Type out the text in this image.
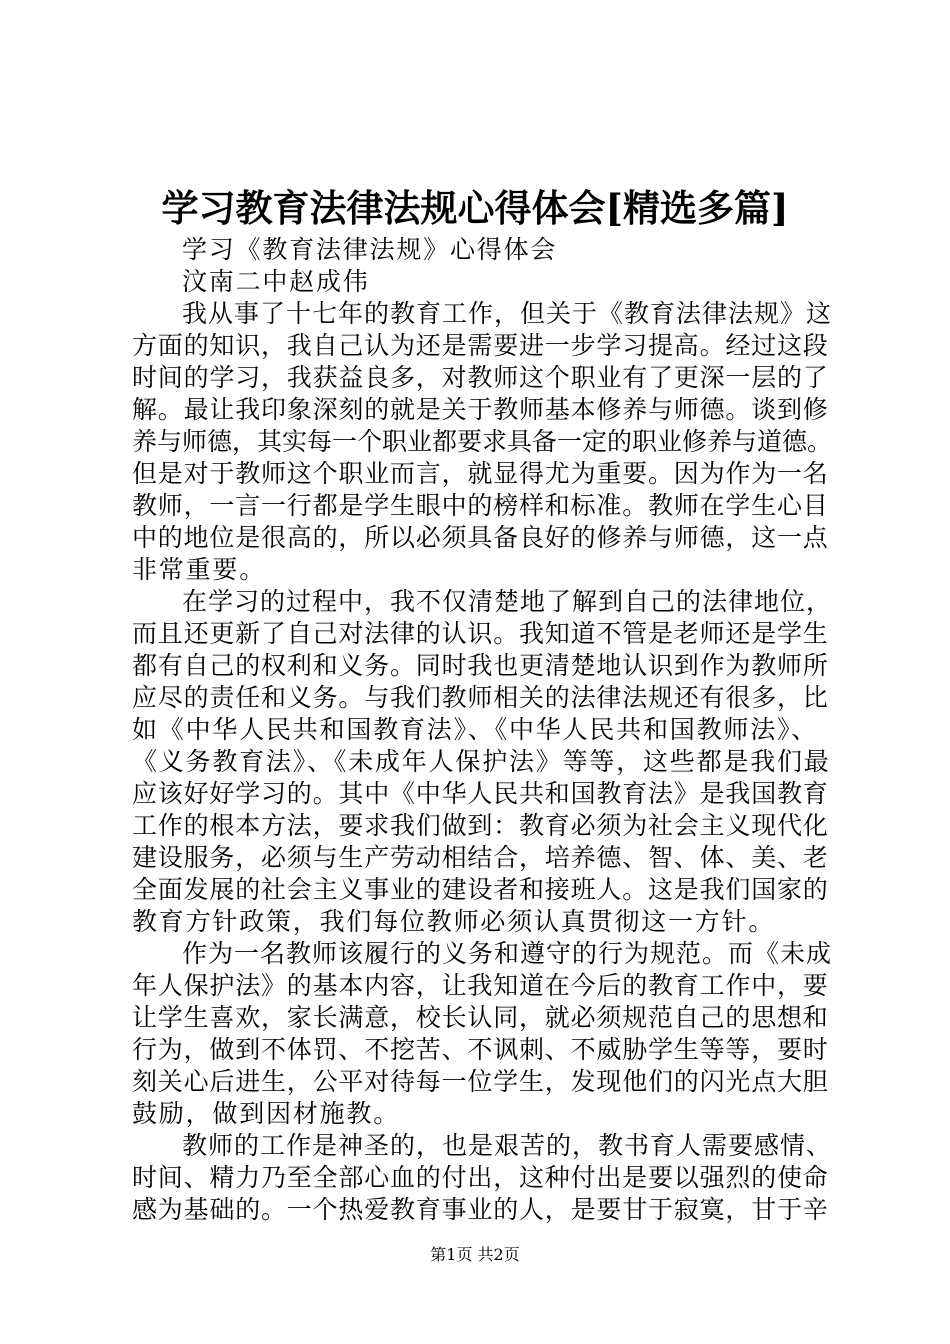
学习教育法律法规心得体会[精选多篇]
学习《教育法律法规》心得体会
汶南二中赵成伟
我从事了十七年的教育工作，但关于《教育法律法规》这
方面的知识，我自己认为还是需要进一步学习提高。经过这段
时间的学习，我获益良多，对教师这个职业有了更深一层的了
解。最让我印象深刻的就是关于教师基本修养与师德。谈到修
养与师德，其实每一个职业都要求具备一定的职业修养与道德。
但是对于教师这个职业而言，就显得尤为重要。因为作为一名
教师，一言一行都是学生眼中的榜样和标准。教师在学生心目
中的地位是很高的，所以必须具备良好的修养与师德，这一点
非常重要。
在学习的过程中，我不仅清楚地了解到自己的法律地位，
而且还更新了自己对法律的认识。我知道不管是老师还是学生
都有自己的权利和义务。同时我也更清楚地认识到作为教师所
应尽的责任和义务。与我们教师相关的法律法规还有很多，比
如《中华人民共和国教育法》、《中华人民共和国教师法》、
《义务教育法》、《未成年人保护法》等等，这些都是我们最
应该好好学习的。其中《中华人民共和国教育法》是我国教育
工作的根本方法，要求我们做到：教育必须为社会主义现代化
建设服务，必须与生产劳动相结合，培养德、智、体、美、老
全面发展的社会主义事业的建设者和接班人。这是我们国家的
教育方针政策，我们每位教师必须认真贯彻这一方针。
作为一名教师该履行的义务和遵守的行为规范。而《未成
年人保护法》的基本内容，让我知道在今后的教育工作中，要
让学生喜欢，家长满意，校长认同，就必须规范自己的思想和
行为，做到不体罚、不挖苦、不讽刺、不威胁学生等等，要时
刻关心后进生，公平对待每一位学生，发现他们的闪光点大胆
鼓励，做到因材施教。
教师的工作是神圣的，也是艰苦的，教书育人需要感情、
时间、精力乃至全部心血的付出，这种付出是要以强烈的使命
感为基础的。一个热爱教育事业的人，是要甘于寂寞，甘于辛
第1页 共2页
